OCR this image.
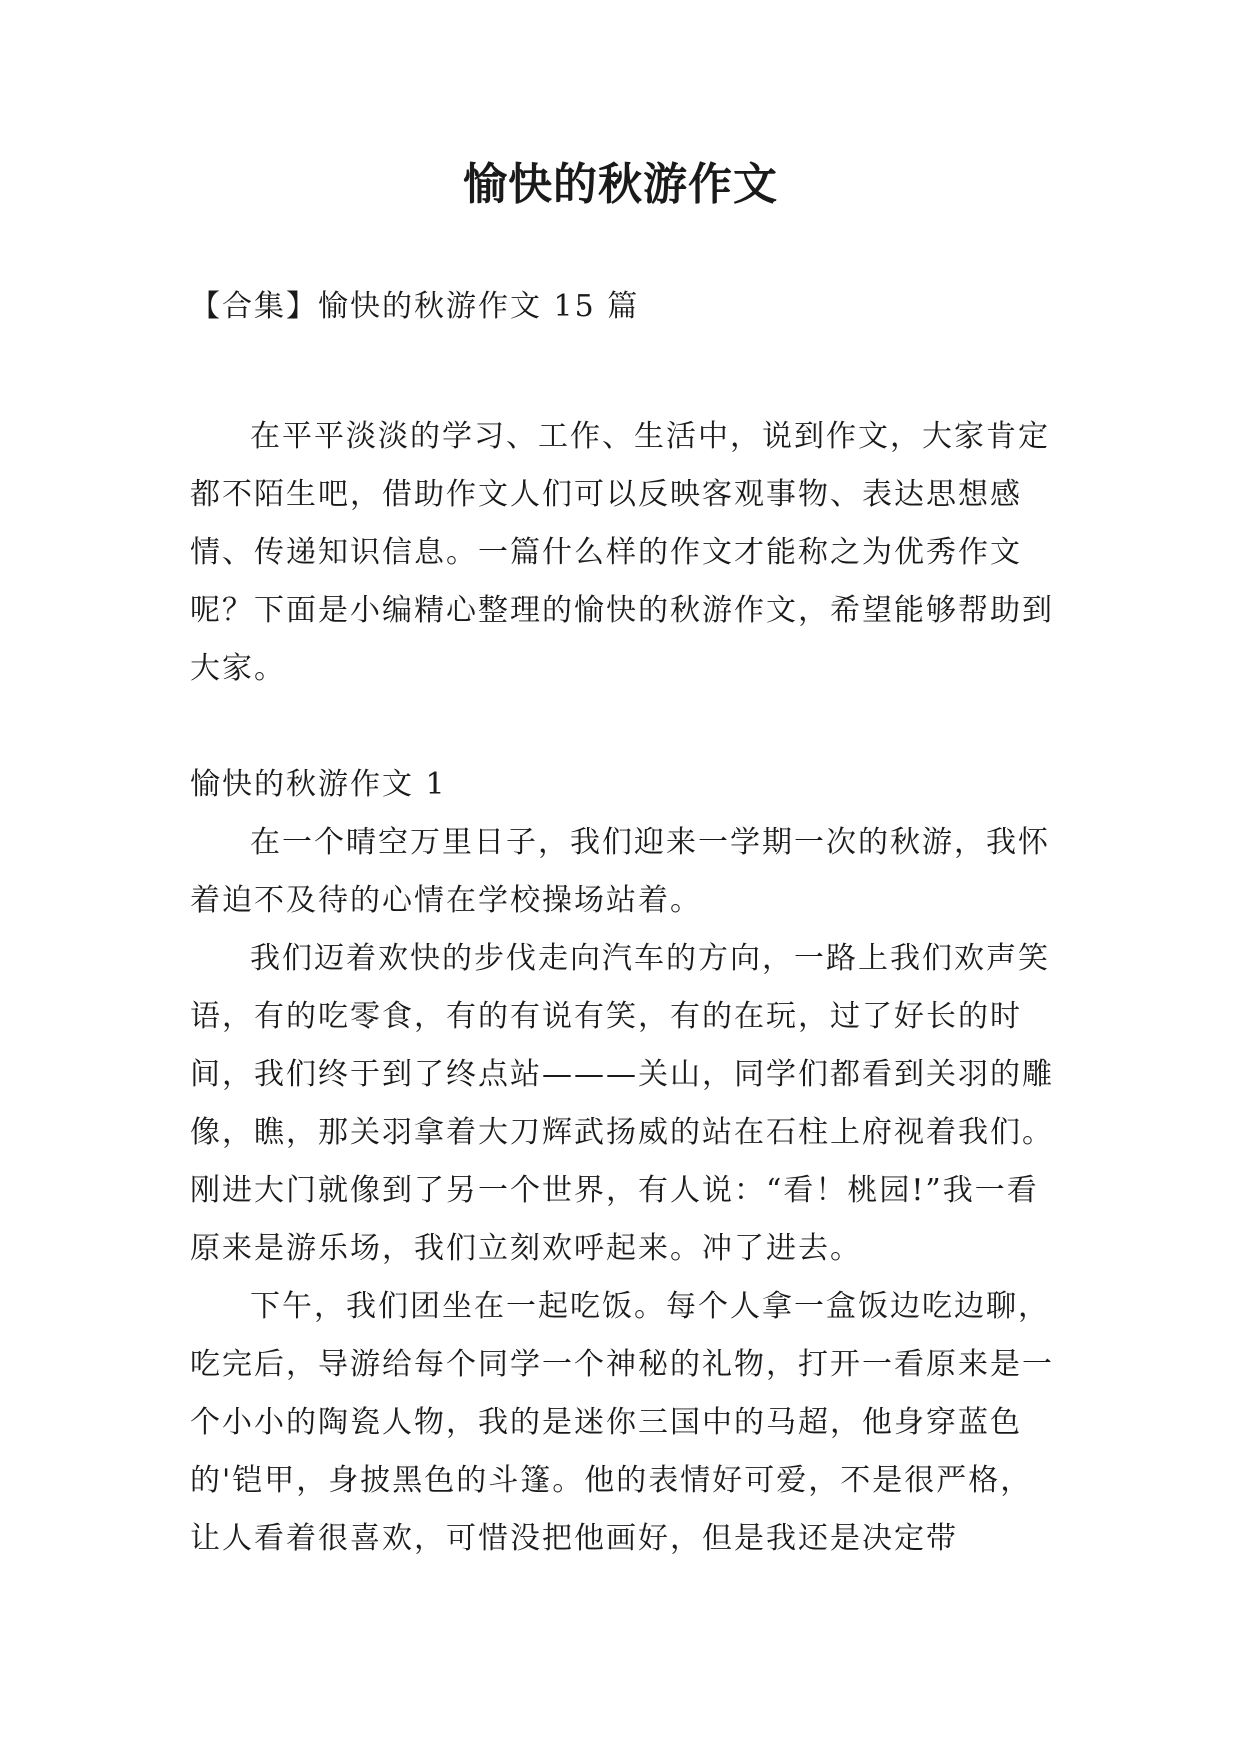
愉快的秋游作文
【合集】愉快的秋游作文 15 篇

在平平淡淡的学习、工作、生活中，说到作文，大家肯定都不陌生吧，借助作文人们可以反映客观事物、表达思想感情、传递知识信息。一篇什么样的作文才能称之为优秀作文呢？下面是小编精心整理的愉快的秋游作文，希望能够帮助到大家。

愉快的秋游作文 1

在一个晴空万里日子，我们迎来一学期一次的秋游，我怀着迫不及待的心情在学校操场站着。

我们迈着欢快的步伐走向汽车的方向，一路上我们欢声笑语，有的吃零食，有的有说有笑，有的在玩，过了好长的时间，我们终于到了终点站———关山，同学们都看到关羽的雕像，瞧，那关羽拿着大刀辉武扬威的站在石柱上府视着我们。刚进大门就像到了另一个世界，有人说：“看！桃园!”我一看原来是游乐场，我们立刻欢呼起来。冲了进去。

下午，我们团坐在一起吃饭。每个人拿一盒饭边吃边聊，吃完后，导游给每个同学一个神秘的礼物，打开一看原来是一个小小的陶瓷人物，我的是迷你三国中的马超，他身穿蓝色的'铠甲，身披黑色的斗篷。他的表情好可爱，不是很严格，让人看着很喜欢，可惜没把他画好，但是我还是决定带
